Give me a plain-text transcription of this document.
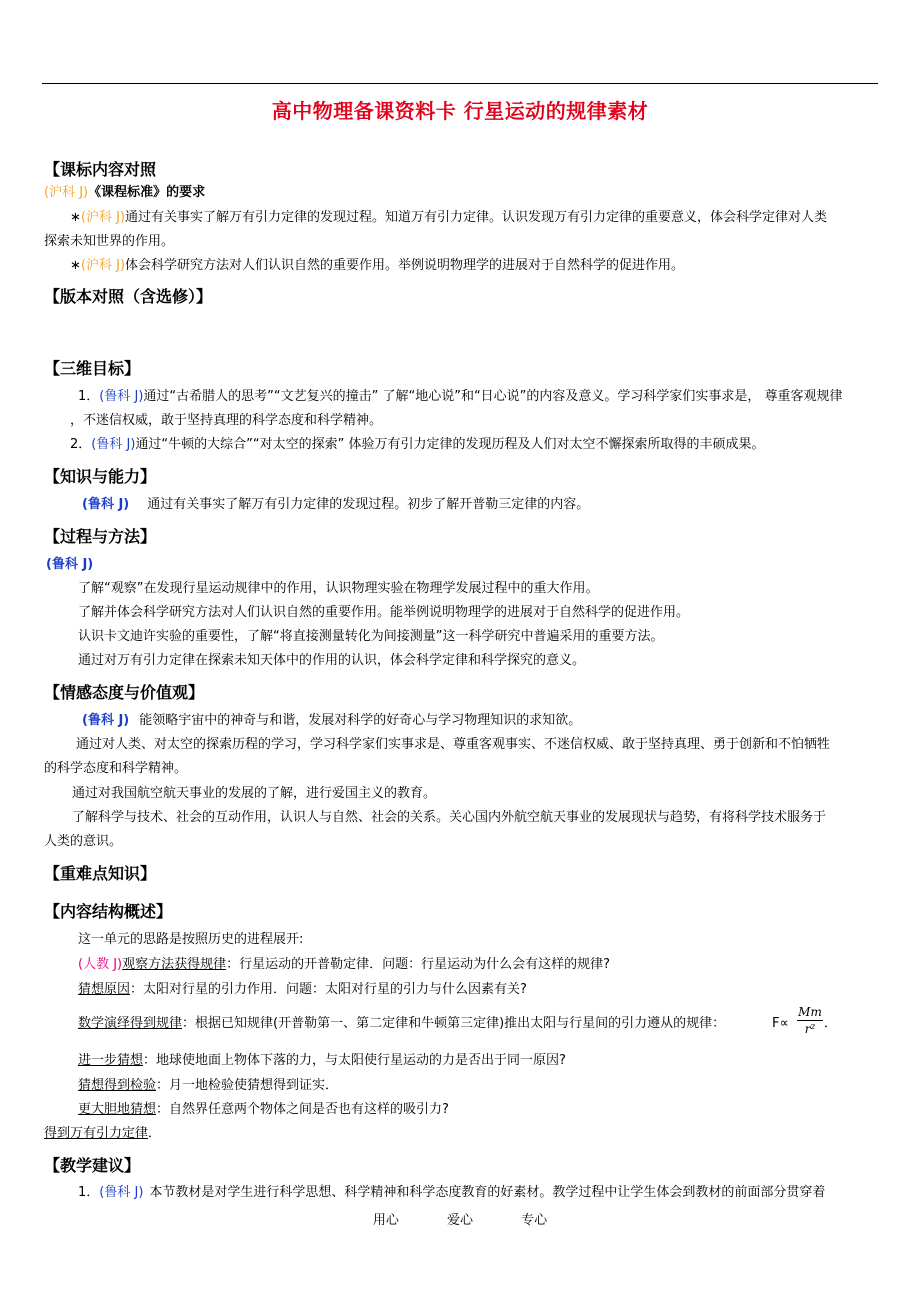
高中物理备课资料卡 行星运动的规律素材
【课标内容对照
(沪科 J)《课程标准》的要求
∗(沪科 J)通过有关事实了解万有引力定律的发现过程。知道万有引力定律。认识发现万有引力定律的重要意义，体会科学定律对人类
探索未知世界的作用。
∗(沪科 J)体会科学研究方法对人们认识自然的重要作用。举例说明物理学的进展对于自然科学的促进作用。
【版本对照（含选修）】
【三维目标】
1．(鲁科 J)通过“古希腊人的思考”“文艺复兴的撞击” 了解“地心说”和“日心说”的内容及意义。学习科学家们实事求是， 尊重客观规律
，不迷信权威，敢于坚持真理的科学态度和科学精神。
2．(鲁科 J)通过“牛顿的大综合”“对太空的探索” 体验万有引力定律的发现历程及人们对太空不懈探索所取得的丰硕成果。
【知识与能力】
(鲁科 J) 通过有关事实了解万有引力定律的发现过程。初步了解开普勒三定律的内容。
【过程与方法】
(鲁科 J)
了解“观察”在发现行星运动规律中的作用，认识物理实验在物理学发展过程中的重大作用。
了解并体会科学研究方法对人们认识自然的重要作用。能举例说明物理学的进展对于自然科学的促进作用。
认识卡文迪许实验的重要性，了解“将直接测量转化为间接测量”这一科学研究中普遍采用的重要方法。
通过对万有引力定律在探索未知天体中的作用的认识，体会科学定律和科学探究的意义。
【情感态度与价值观】
(鲁科 J) 能领略宇宙中的神奇与和谐，发展对科学的好奇心与学习物理知识的求知欲。
通过对人类、对太空的探索历程的学习，学习科学家们实事求是、尊重客观事实、不迷信权威、敢于坚持真理、勇于创新和不怕牺牲
的科学态度和科学精神。
通过对我国航空航天事业的发展的了解，进行爱国主义的教育。
了解科学与技术、社会的互动作用，认识人与自然、社会的关系。关心国内外航空航天事业的发展现状与趋势，有将科学技术服务于
人类的意识。
【重难点知识】
【内容结构概述】
这一单元的思路是按照历史的进程展开:
(人教 J)观察方法获得规律：行星运动的开普勒定律．问题：行星运动为什么会有这样的规律?
猜想原因：太阳对行星的引力作用．问题：太阳对行星的引力与什么因素有关?
数学演绎得到规律：根据已知规律(开普勒第一、第二定律和牛顿第三定律)推出太阳与行星间的引力遵从的规律：	F∝
Mm
r² ．
进一步猜想：地球使地面上物体下落的力，与太阳使行星运动的力是否出于同一原因?
猜想得到检验：月一地检验使猜想得到证实．
更大胆地猜想：自然界任意两个物体之间是否也有这样的吸引力?
得到万有引力定律．
【教学建议】
1．(鲁科 J) 本节教材是对学生进行科学思想、科学精神和科学态度教育的好素材。教学过程中让学生体会到教材的前面部分贯穿着
用心	爱心	专心
